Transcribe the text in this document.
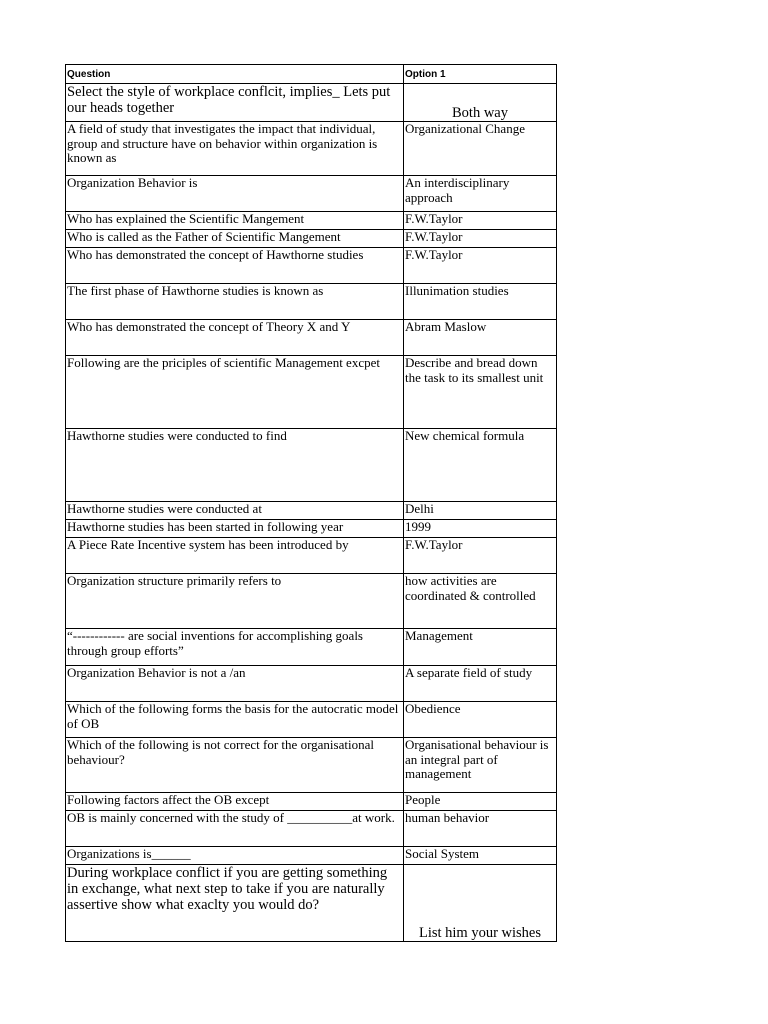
Question	Option 1
Select the style of workplace conflcit, implies_ Lets put our heads together	Both way
A field of study that investigates the impact that individual, group and structure have on behavior within organization is known as	Organizational Change
Organization Behavior is	An interdisciplinary approach
Who has explained the Scientific Mangement	F.W.Taylor
Who is called as the Father of Scientific Mangement	F.W.Taylor
Who has demonstrated the concept of Hawthorne studies	F.W.Taylor
The first phase of Hawthorne studies is known as	Illunimation studies
Who has demonstrated the concept of Theory X and Y	Abram Maslow
Following are the priciples of scientific Management excpet	Describe and bread down the task to its smallest unit
Hawthorne studies were conducted to find	New chemical formula
Hawthorne studies were conducted at	Delhi
Hawthorne studies has been started in following year	1999
A Piece Rate Incentive system has been introduced by	F.W.Taylor
Organization structure primarily refers to	how activities are coordinated & controlled
“------------ are social inventions for accomplishing goals through group efforts”	Management
Organization Behavior is not a /an	A separate field of study
Which of the following forms the basis for the autocratic model of OB	Obedience
Which of the following is not correct for the organisational behaviour?	Organisational behaviour is an integral part of management
Following factors affect the OB except	People
OB is mainly concerned with the study of __________at work.	human behavior
Organizations is______	Social System
During workplace conflict if you are getting something in exchange, what next step to take if you are naturally assertive show what exaclty you would do?	List him your wishes
